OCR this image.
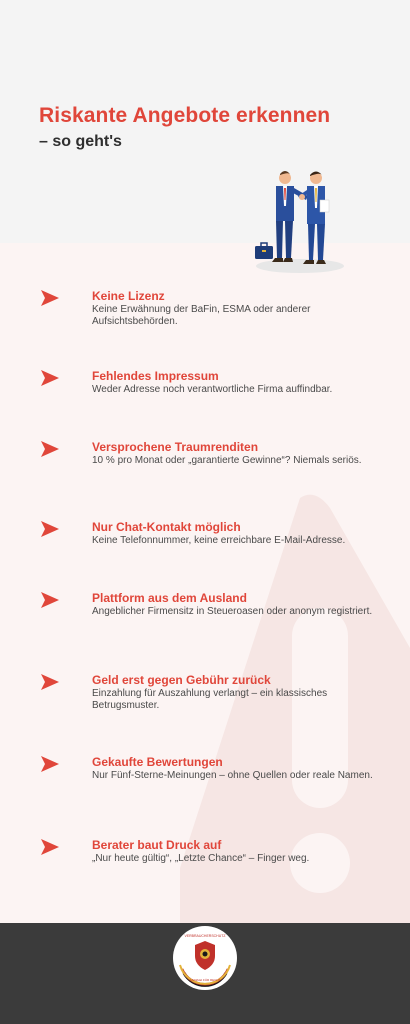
Riskante Angebote erkennen
– so geht's
Keine Lizenz
Keine Erwähnung der BaFin, ESMA oder anderer Aufsichtsbehörden.
Fehlendes Impressum
Weder Adresse noch verantwortliche Firma auffindbar.
Versprochene Traumrenditen
10 % pro Monat oder „garantierte Gewinne“? Niemals seriös.
Nur Chat-Kontakt möglich
Keine Telefonnummer, keine erreichbare E-Mail-Adresse.
Plattform aus dem Ausland
Angeblicher Firmensitz in Steueroasen oder anonym registriert.
Geld erst gegen Gebühr zurück
Einzahlung für Auszahlung verlangt – ein klassisches Betrugsmuster.
Gekaufte Bewertungen
Nur Fünf-Sterne-Meinungen – ohne Quellen oder reale Namen.
Berater baut Druck auf
„Nur heute gültig“, „Letzte Chance“ – Finger weg.
VERBRAUCHERSCHUTZ
KANZLEI FÜR RECHT
